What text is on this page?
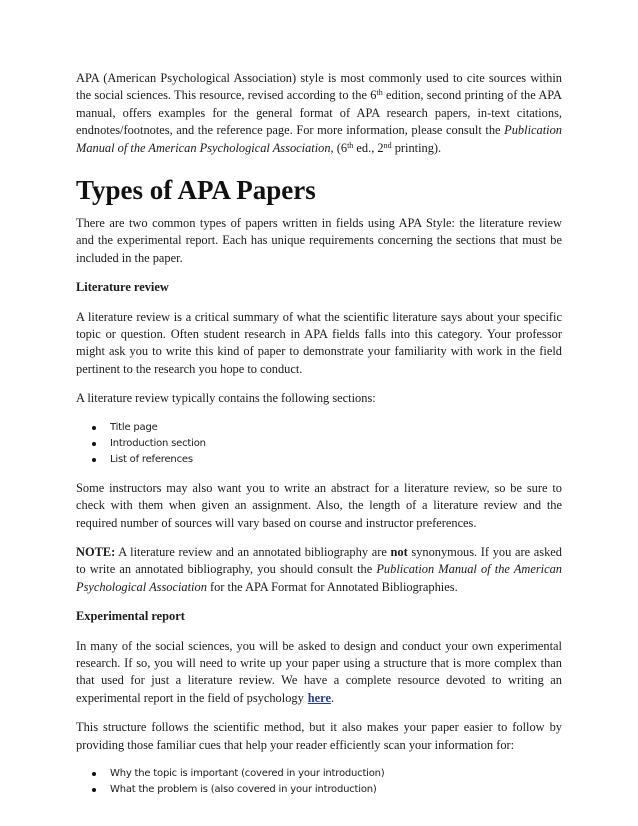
APA (American Psychological Association) style is most commonly used to cite sources within the social sciences. This resource, revised according to the 6th edition, second printing of the APA manual, offers examples for the general format of APA research papers, in-text citations, endnotes/footnotes, and the reference page. For more information, please consult the Publication Manual of the American Psychological Association, (6th ed., 2nd printing).

Types of APA Papers

There are two common types of papers written in fields using APA Style: the literature review and the experimental report. Each has unique requirements concerning the sections that must be included in the paper.

Literature review

A literature review is a critical summary of what the scientific literature says about your specific topic or question. Often student research in APA fields falls into this category. Your professor might ask you to write this kind of paper to demonstrate your familiarity with work in the field pertinent to the research you hope to conduct.

A literature review typically contains the following sections:

Title page
Introduction section
List of references

Some instructors may also want you to write an abstract for a literature review, so be sure to check with them when given an assignment. Also, the length of a literature review and the required number of sources will vary based on course and instructor preferences.

NOTE: A literature review and an annotated bibliography are not synonymous. If you are asked to write an annotated bibliography, you should consult the Publication Manual of the American Psychological Association for the APA Format for Annotated Bibliographies.

Experimental report

In many of the social sciences, you will be asked to design and conduct your own experimental research. If so, you will need to write up your paper using a structure that is more complex than that used for just a literature review. We have a complete resource devoted to writing an experimental report in the field of psychology here.

This structure follows the scientific method, but it also makes your paper easier to follow by providing those familiar cues that help your reader efficiently scan your information for:

Why the topic is important (covered in your introduction)
What the problem is (also covered in your introduction)
